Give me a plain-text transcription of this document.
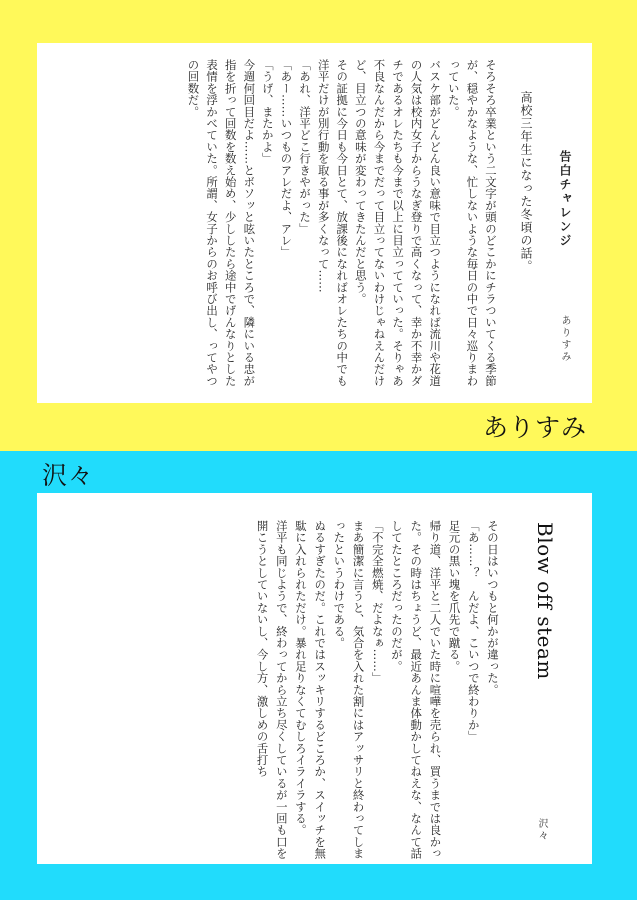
告白チャレンジ
ありすみ
高校三年生になった冬頃の話。

そろそろ卒業という二文字が頭のどこかにチラついてくる季節が、穏やかなような、忙しないような毎日の中で日々巡りまわっていた。

バスケ部がどんどん良い意味で目立つようになれば流川や花道の人気は校内女子からうなぎ登りで高くなって、幸か不幸かダチであるオレたちも今まで以上に目立ってていった。そりゃあ不良なんだから今までだって目立ってないわけじゃねえんだけど、目立つの意味が変わってきたんだと思う。

その証拠に今日も今日とて、放課後になればオレたちの中でも洋平だけが別行動を取る事が多くなって……

「あれ、洋平どこ行きやがった」

「あー……いつものアレだよ、アレ」

「うげ、またかよ」

今週何回目だよ……とボソッと呟いたところで、隣にいる忠が指を折って回数を数え始め、少ししたら途中でげんなりとした表情を浮かべていた。所謂、女子からのお呼び出し、ってやつの回数だ。

ありすみ
沢々
Blow off steam
沢々

その日はいつもと何かが違った。

「あ……？　んだよ、こいつで終わりか」

足元の黒い塊を爪先で蹴る。

帰り道、洋平と二人でいた時に喧嘩を売られ、買うまでは良かった。その時はちょうど、最近あんま体動かしてねえな、なんて話してたところだったのだが。

「不完全燃焼、だよなぁ……」

まあ簡潔に言うと、気合を入れた割にはアッサリと終わってしまったというわけである。

ぬるすぎたのだ。これではスッキリするどころか、スイッチを無駄に入れられただけ。暴れ足りなくてむしろイライラする。

洋平も同じようで、終わってから立ち尽くしているが一回も口を開こうとしていないし、今し方、激しめの舌打ち
